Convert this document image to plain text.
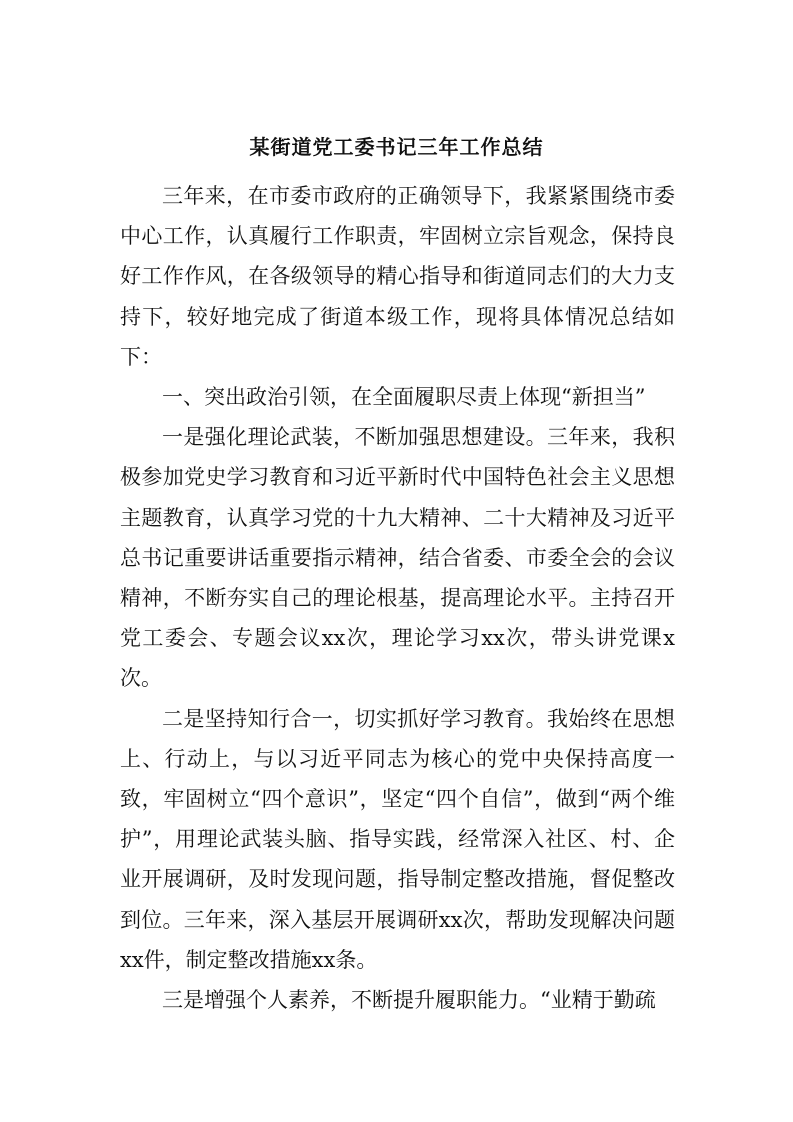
某街道党工委书记三年工作总结

三年来，在市委市政府的正确领导下，我紧紧围绕市委中心工作，认真履行工作职责，牢固树立宗旨观念，保持良好工作作风，在各级领导的精心指导和街道同志们的大力支持下，较好地完成了街道本级工作，现将具体情况总结如下：

一、突出政治引领，在全面履职尽责上体现“新担当”

一是强化理论武装，不断加强思想建设。三年来，我积极参加党史学习教育和习近平新时代中国特色社会主义思想主题教育，认真学习党的十九大精神、二十大精神及习近平总书记重要讲话重要指示精神，结合省委、市委全会的会议精神，不断夯实自己的理论根基，提高理论水平。主持召开党工委会、专题会议xx次，理论学习xx次，带头讲党课x次。

二是坚持知行合一，切实抓好学习教育。我始终在思想上、行动上，与以习近平同志为核心的党中央保持高度一致，牢固树立“四个意识”，坚定“四个自信”，做到“两个维护”，用理论武装头脑、指导实践，经常深入社区、村、企业开展调研，及时发现问题，指导制定整改措施，督促整改到位。三年来，深入基层开展调研xx次，帮助发现解决问题xx件，制定整改措施xx条。

三是增强个人素养，不断提升履职能力。“业精于勤疏
